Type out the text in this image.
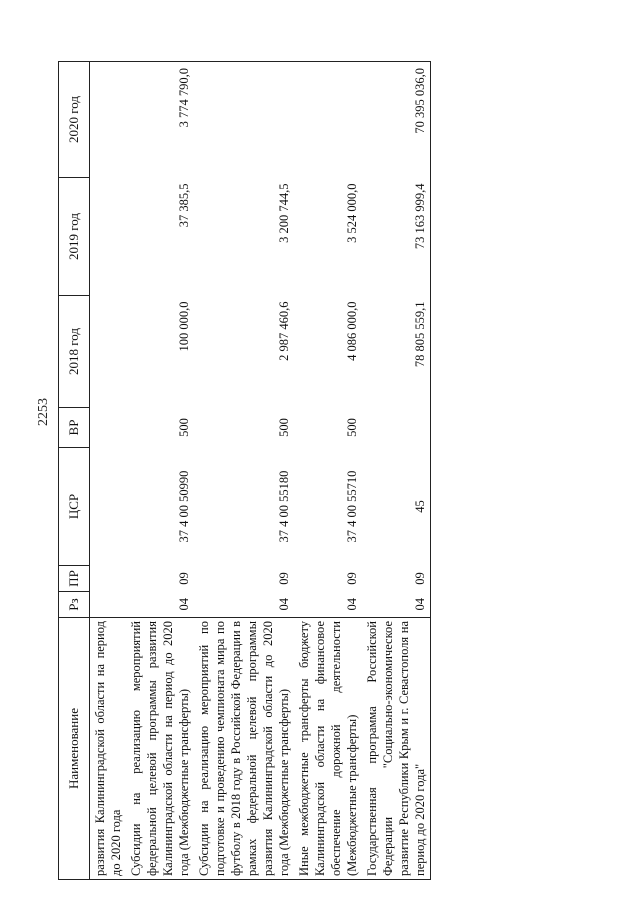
2253
Наименование	Рз	ПР	ЦСР	ВР	2018 год	2019 год	2020 год
развития Калининградской области на период до 2020 года							
Субсидии на реализацию мероприятий федеральной целевой программы развития Калининградской области на период до 2020 года (Межбюджетные трансферты)	04	09	37 4 00 50990	500	100 000,0	37 385,5	3 774 790,0
Субсидии на реализацию мероприятий по подготовке и проведению чемпионата мира по футболу в 2018 году в Российской Федерации в рамках федеральной целевой программы развития Калининградской области до 2020 года (Межбюджетные трансферты)	04	09	37 4 00 55180	500	2 987 460,6	3 200 744,5	
Иные межбюджетные трансферты бюджету Калининградской области на финансовое обеспечение дорожной деятельности (Межбюджетные трансферты)	04	09	37 4 00 55710	500	4 086 000,0	3 524 000,0	
Государственная программа Российской Федерации "Социально-экономическое развитие Республики Крым и г. Севастополя на период до 2020 года"	04	09	45		78 805 559,1	73 163 999,4	70 395 036,0
